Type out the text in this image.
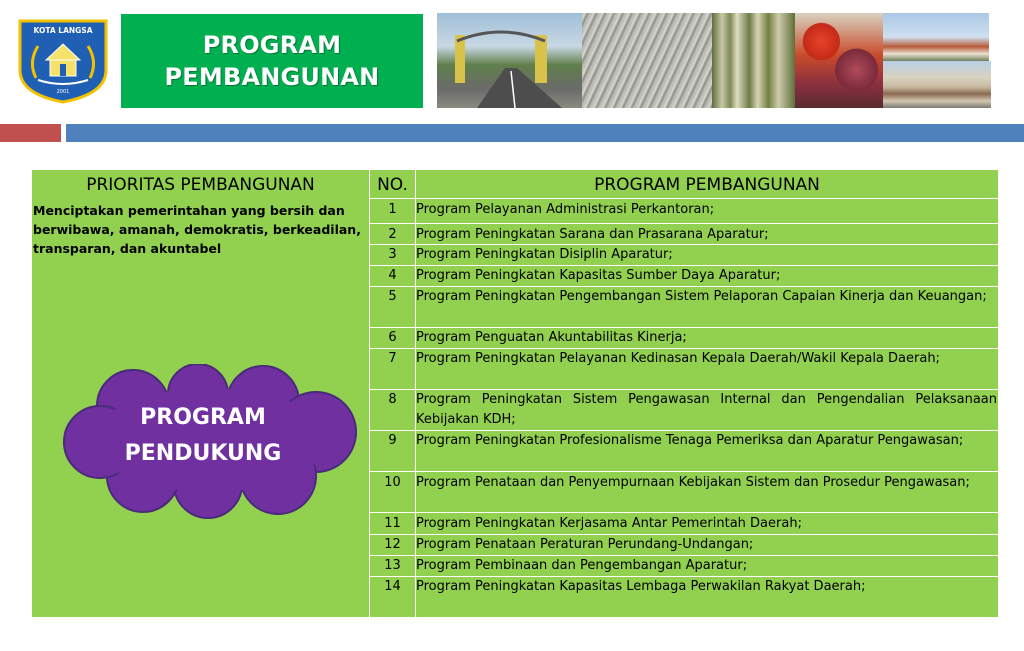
KOTA LANGSA
2001
PROGRAM
PEMBANGUNAN
PRIORITAS PEMBANGUNAN	NO.	PROGRAM PEMBANGUNAN
Menciptakan pemerintahan yang bersih dan berwibawa, amanah, demokratis, berkeadilan, transparan, dan akuntabel
1
2
3
4
5
6
7
8
9
10
11
12
13
14
Program Pelayanan Administrasi Perkantoran;
Program Peningkatan Sarana dan Prasarana Aparatur;
Program Peningkatan Disiplin Aparatur;
Program Peningkatan Kapasitas Sumber Daya Aparatur;
Program Peningkatan Pengembangan Sistem Pelaporan Capaian Kinerja dan Keuangan;
Program Penguatan Akuntabilitas Kinerja;
Program Peningkatan Pelayanan Kedinasan Kepala Daerah/Wakil Kepala Daerah;
Program Peningkatan Sistem Pengawasan Internal dan Pengendalian Pelaksanaan
Kebijakan KDH;
Program Peningkatan Profesionalisme Tenaga Pemeriksa dan Aparatur Pengawasan;
Program Penataan dan Penyempurnaan Kebijakan Sistem dan Prosedur Pengawasan;
Program Peningkatan Kerjasama Antar Pemerintah Daerah;
Program Penataan Peraturan Perundang-Undangan;
Program Pembinaan dan Pengembangan Aparatur;
Program Peningkatan Kapasitas Lembaga Perwakilan Rakyat Daerah;
PROGRAM
PENDUKUNG
